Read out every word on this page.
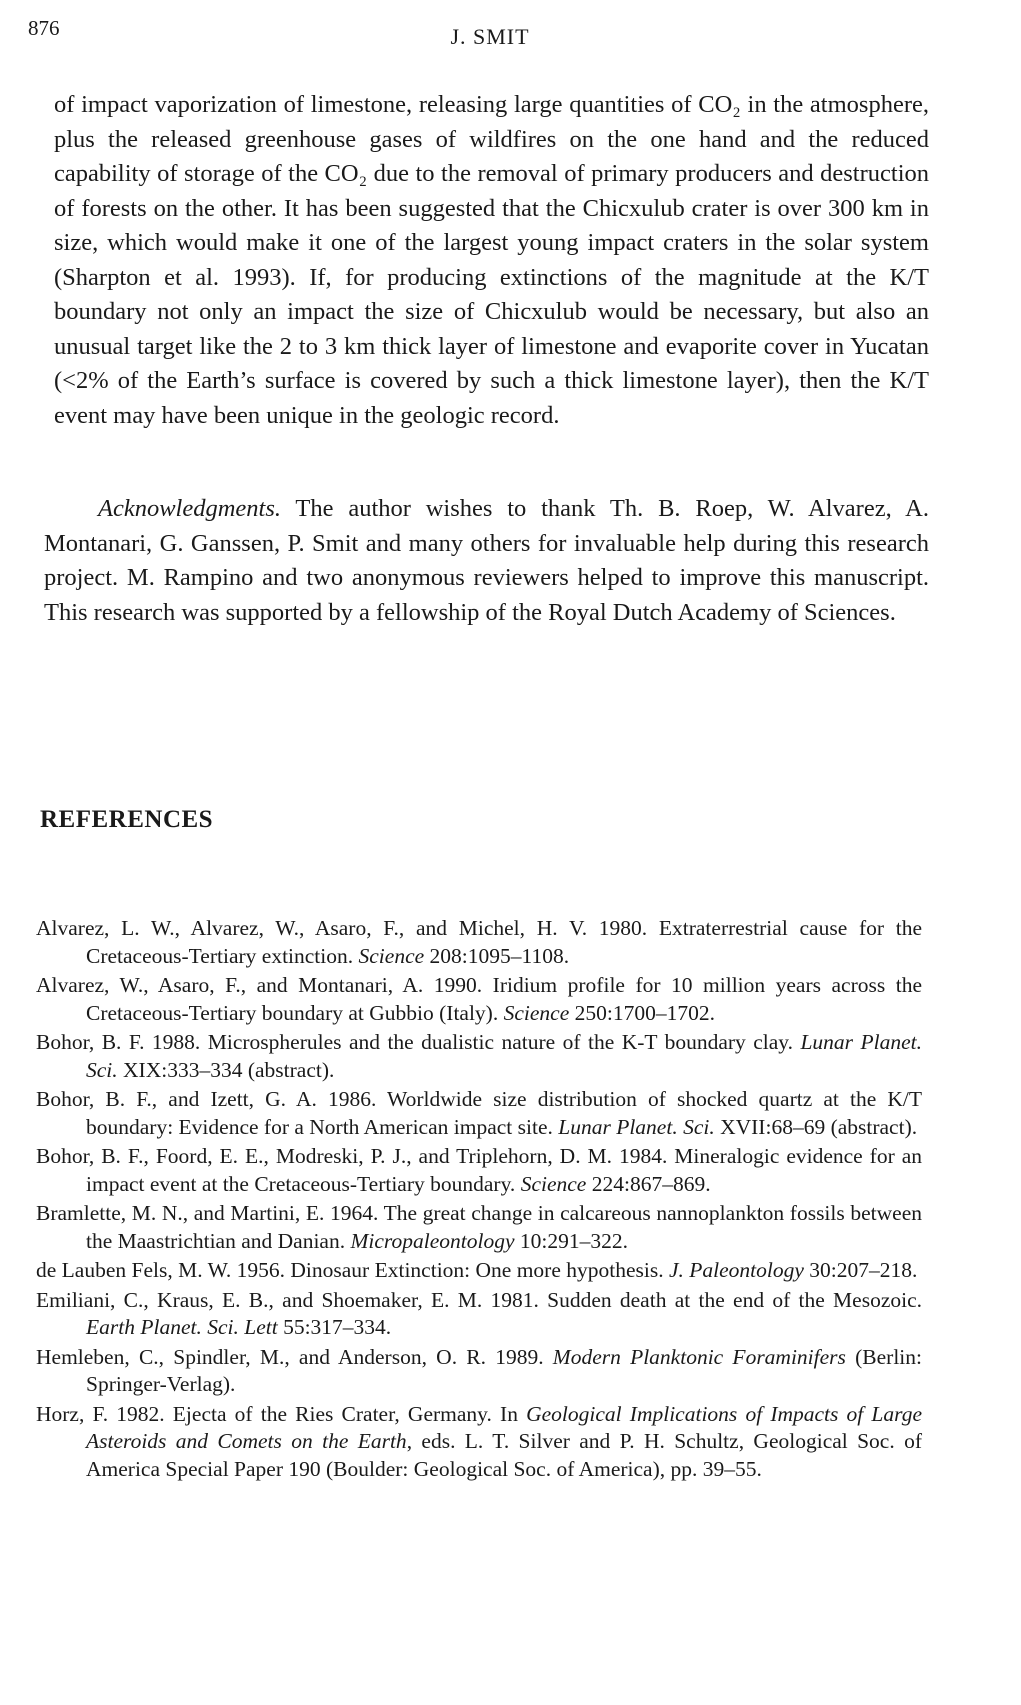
876	J. SMIT

of impact vaporization of limestone, releasing large quantities of CO₂ in the atmosphere, plus the released greenhouse gases of wildfires on the one hand and the reduced capability of storage of the CO₂ due to the removal of primary producers and destruction of forests on the other. It has been suggested that the Chicxulub crater is over 300 km in size, which would make it one of the largest young impact craters in the solar system (Sharpton et al. 1993). If, for producing extinctions of the magnitude at the K/T boundary not only an impact the size of Chicxulub would be necessary, but also an unusual target like the 2 to 3 km thick layer of limestone and evaporite cover in Yucatan (<2% of the Earth’s surface is covered by such a thick limestone layer), then the K/T event may have been unique in the geologic record.

Acknowledgments. The author wishes to thank Th. B. Roep, W. Alvarez, A. Montanari, G. Ganssen, P. Smit and many others for invaluable help during this research project. M. Rampino and two anonymous reviewers helped to improve this manuscript. This research was supported by a fellowship of the Royal Dutch Academy of Sciences.

REFERENCES
Alvarez, L. W., Alvarez, W., Asaro, F., and Michel, H. V. 1980. Extraterrestrial cause for the Cretaceous-Tertiary extinction. Science 208:1095–1108.
Alvarez, W., Asaro, F., and Montanari, A. 1990. Iridium profile for 10 million years across the Cretaceous-Tertiary boundary at Gubbio (Italy). Science 250:1700–1702.
Bohor, B. F. 1988. Microspherules and the dualistic nature of the K-T boundary clay. Lunar Planet. Sci. XIX:333–334 (abstract).
Bohor, B. F., and Izett, G. A. 1986. Worldwide size distribution of shocked quartz at the K/T boundary: Evidence for a North American impact site. Lunar Planet. Sci. XVII:68–69 (abstract).
Bohor, B. F., Foord, E. E., Modreski, P. J., and Triplehorn, D. M. 1984. Mineralogic evidence for an impact event at the Cretaceous-Tertiary boundary. Science 224:867–869.
Bramlette, M. N., and Martini, E. 1964. The great change in calcareous nannoplankton fossils between the Maastrichtian and Danian. Micropaleontology 10:291–322.
de Lauben Fels, M. W. 1956. Dinosaur Extinction: One more hypothesis. J. Paleontology 30:207–218.
Emiliani, C., Kraus, E. B., and Shoemaker, E. M. 1981. Sudden death at the end of the Mesozoic. Earth Planet. Sci. Lett 55:317–334.
Hemleben, C., Spindler, M., and Anderson, O. R. 1989. Modern Planktonic Foraminifers (Berlin: Springer-Verlag).
Horz, F. 1982. Ejecta of the Ries Crater, Germany. In Geological Implications of Impacts of Large Asteroids and Comets on the Earth, eds. L. T. Silver and P. H. Schultz, Geological Soc. of America Special Paper 190 (Boulder: Geological Soc. of America), pp. 39–55.
